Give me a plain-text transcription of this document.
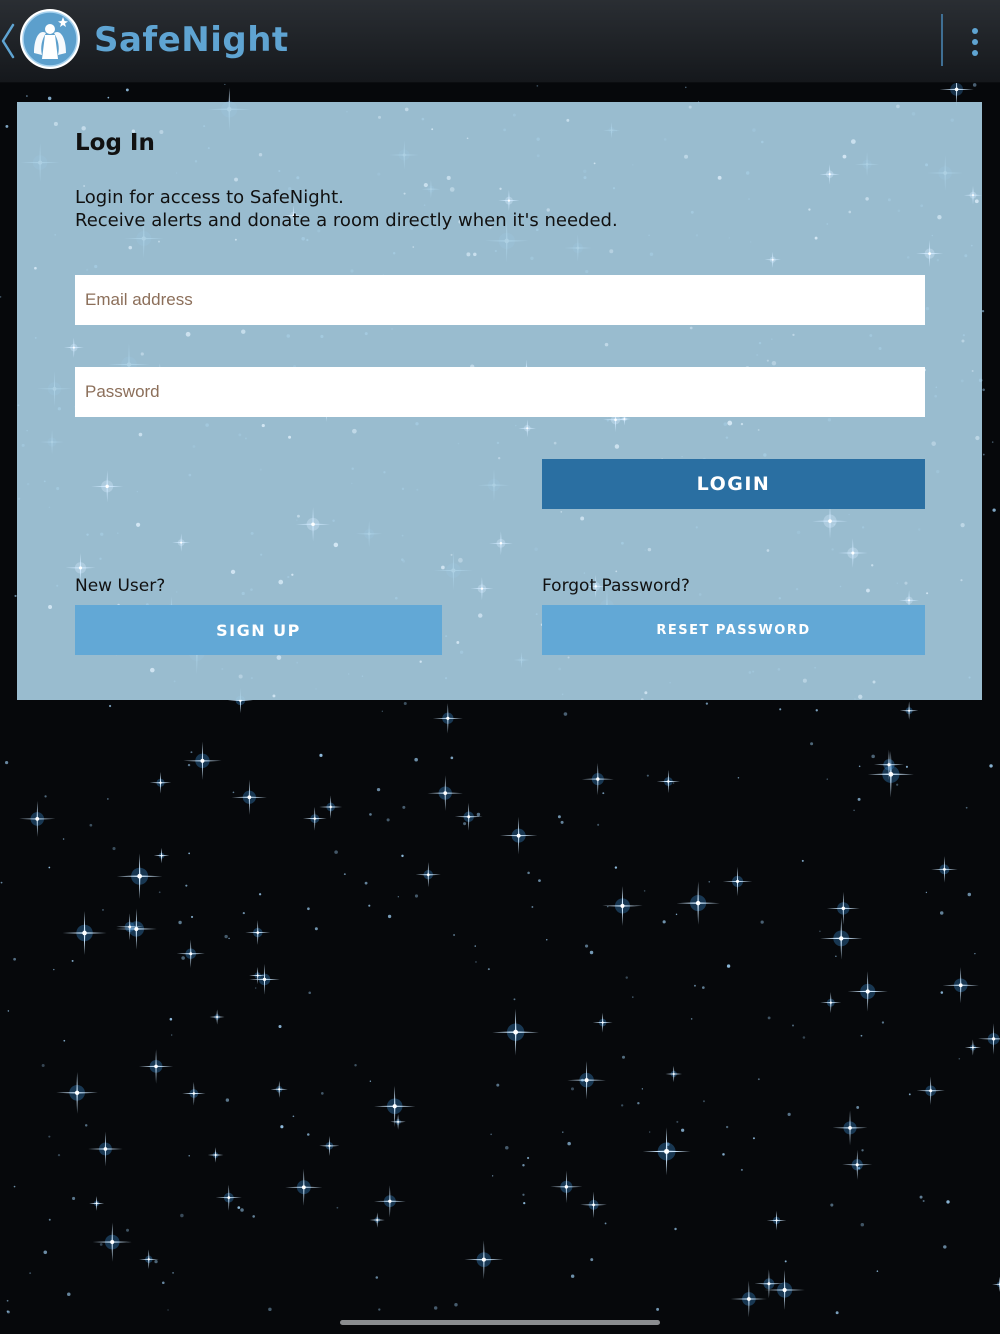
SafeNight
Log In
Login for access to SafeNight.
Receive alerts and donate a room directly when it's needed.
Email address
LOGIN
New User?	Forgot Password?
SIGN UP	RESET PASSWORD
